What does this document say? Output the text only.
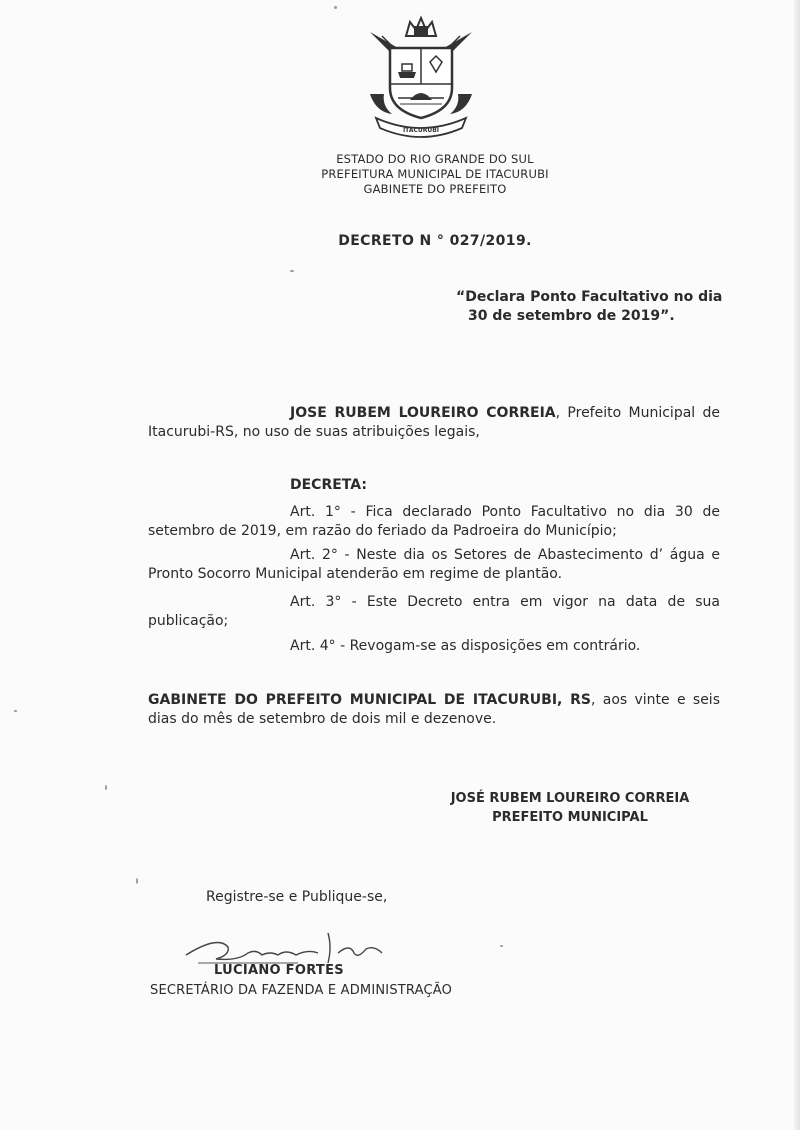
ITACURUBI
ESTADO DO RIO GRANDE DO SUL
PREFEITURA MUNICIPAL DE ITACURUBI
GABINETE DO PREFEITO
DECRETO N ° 027/2019.
“Declara Ponto Facultativo no dia
30 de setembro de 2019”.
JOSE RUBEM LOUREIRO CORREIA, Prefeito Municipal de Itacurubi-RS, no uso de suas atribuições legais,
DECRETA:
Art. 1° - Fica declarado Ponto Facultativo no dia 30 de setembro de 2019, em razão do feriado da Padroeira do Município;
Art. 2° - Neste dia os Setores de Abastecimento d’ água e Pronto Socorro Municipal atenderão em regime de plantão.
Art. 3° - Este Decreto entra em vigor na data de sua publicação;
Art. 4° - Revogam-se as disposições em contrário.
GABINETE DO PREFEITO MUNICIPAL DE ITACURUBI, RS, aos vinte e seis dias do mês de setembro de dois mil e dezenove.
JOSÉ RUBEM LOUREIRO CORREIA
PREFEITO MUNICIPAL
Registre-se e Publique-se,
LUCIANO FORTES
SECRETÁRIO DA FAZENDA E ADMINISTRAÇÃO
